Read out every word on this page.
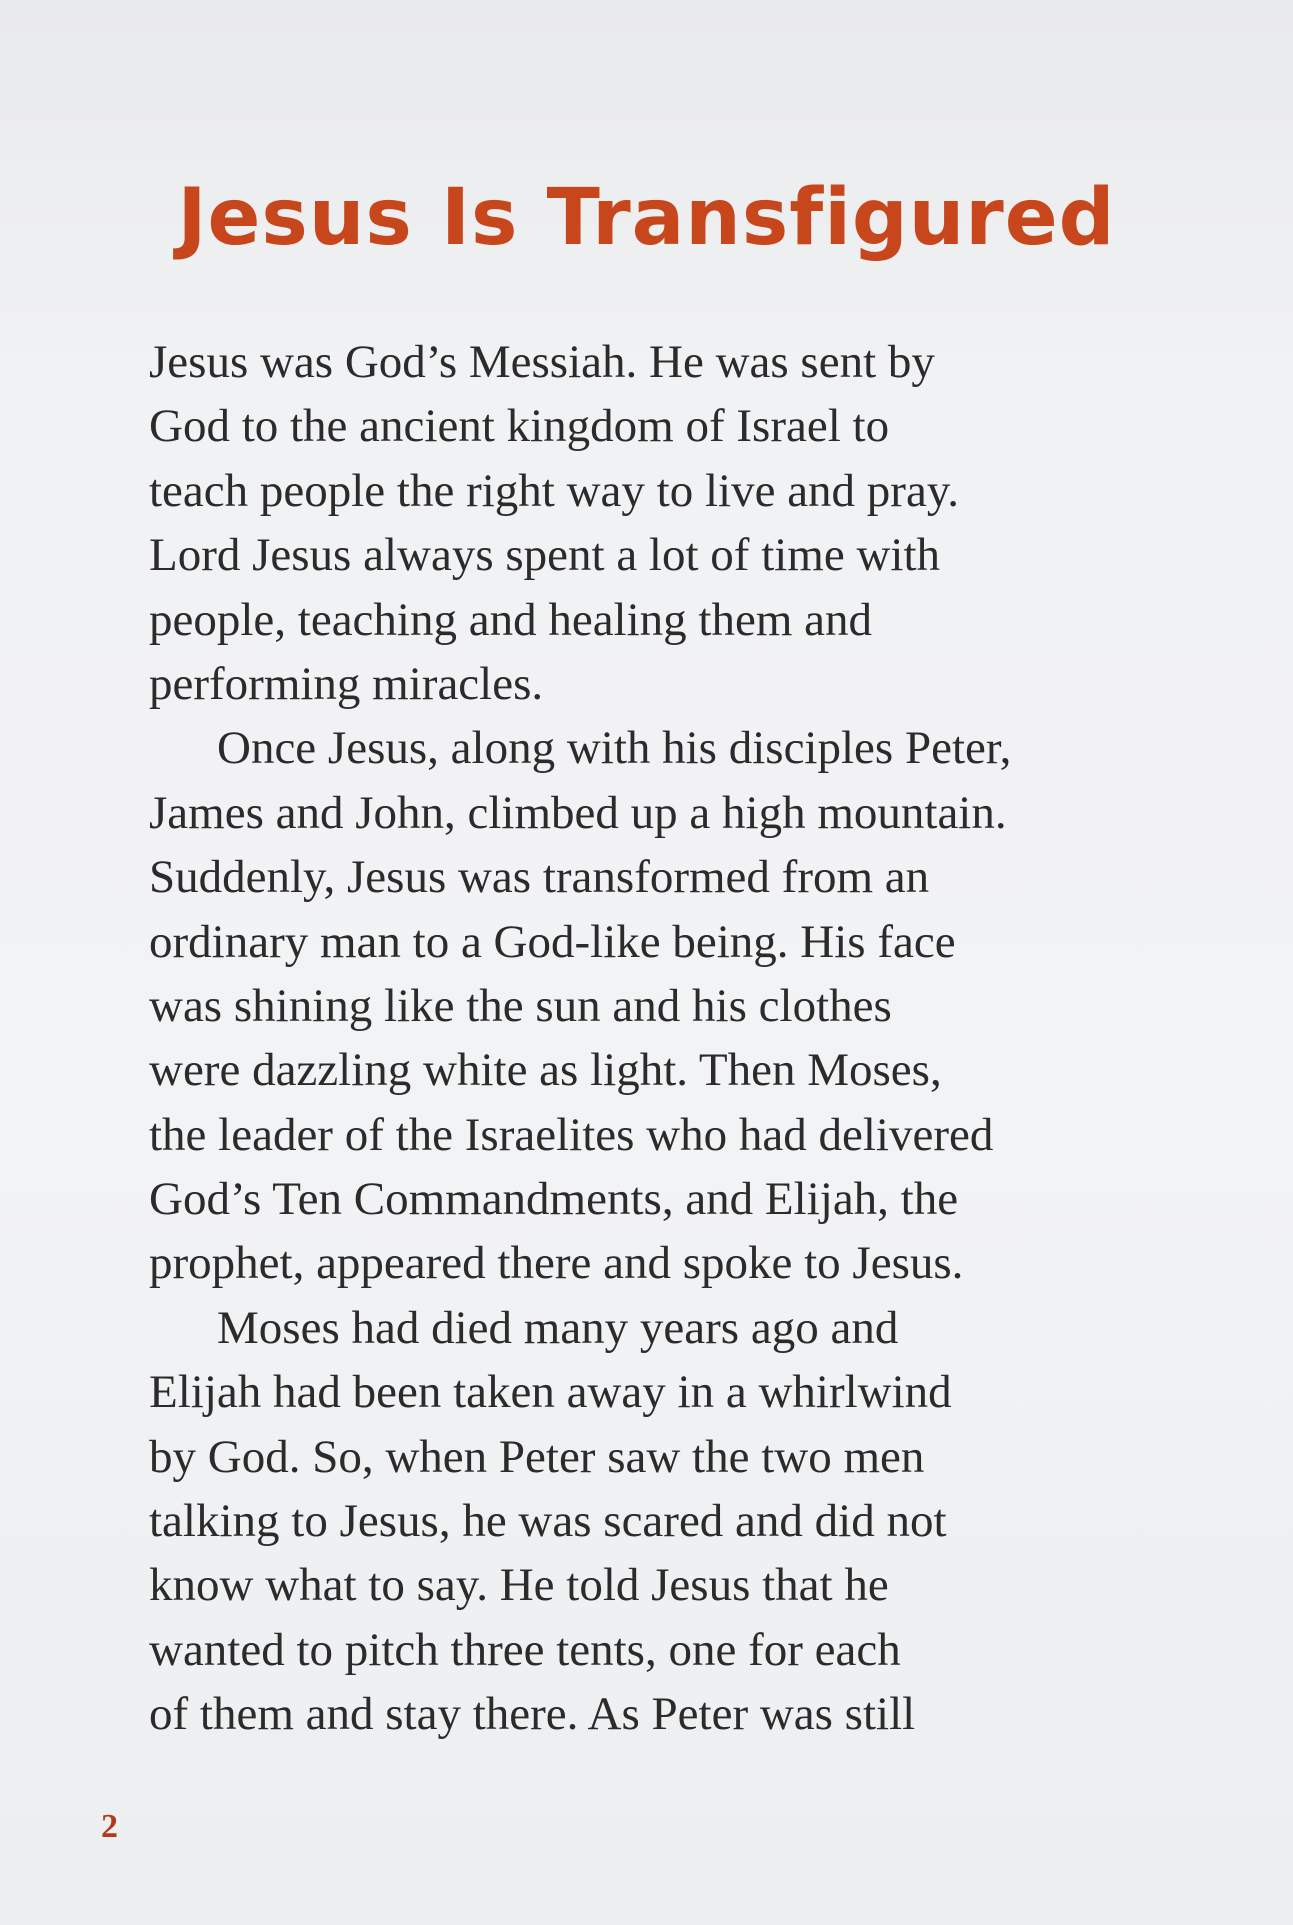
Jesus Is Transfigured
Jesus was God’s Messiah. He was sent by
God to the ancient kingdom of Israel to
teach people the right way to live and pray.
Lord Jesus always spent a lot of time with
people, teaching and healing them and
performing miracles.
Once Jesus, along with his disciples Peter,
James and John, climbed up a high mountain.
Suddenly, Jesus was transformed from an
ordinary man to a God-like being. His face
was shining like the sun and his clothes
were dazzling white as light. Then Moses,
the leader of the Israelites who had delivered
God’s Ten Commandments, and Elijah, the
prophet, appeared there and spoke to Jesus.
Moses had died many years ago and
Elijah had been taken away in a whirlwind
by God. So, when Peter saw the two men
talking to Jesus, he was scared and did not
know what to say. He told Jesus that he
wanted to pitch three tents, one for each
of them and stay there. As Peter was still
2
